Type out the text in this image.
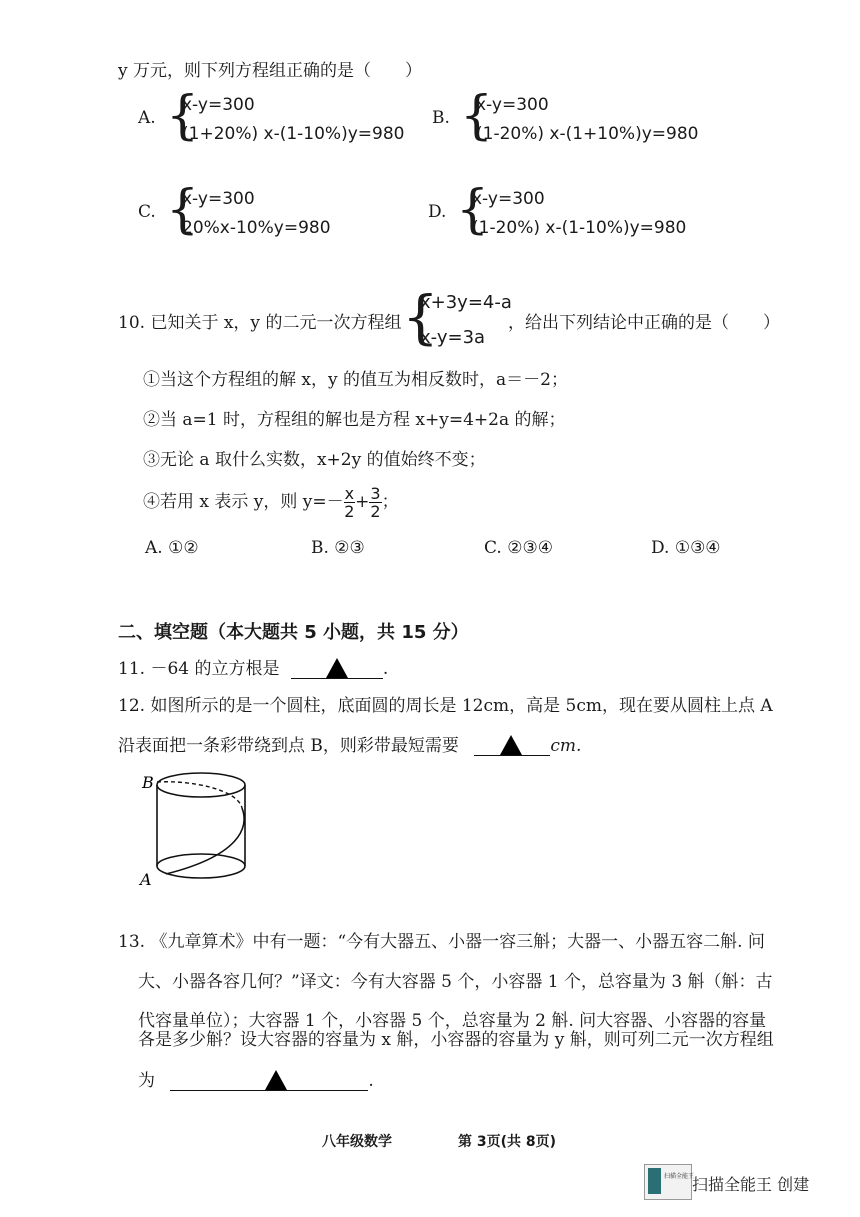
y 万元，则下列方程组正确的是（　　）
A. {
x-y=300
(1+20%) x-(1-10%)y=980
B. {
x-y=300
(1-20%) x-(1+10%)y=980
C. {
x-y=300
20%x-10%y=980
D. {
x-y=300
(1-20%) x-(1-10%)y=980
10. 已知关于 x，y 的二元一次方程组 {
x+3y=4-a
x-y=3a
，给出下列结论中正确的是（　　）
①当这个方程组的解 x，y 的值互为相反数时，a＝－2；
②当 a=1 时，方程组的解也是方程 x+y=4+2a 的解；
③无论 a 取什么实数，x+2y 的值始终不变；
④若用 x 表示 y，则 $y=- \frac{x}{2} + \frac{3}{2}$ ；
A. ①②	B. ②③	C. ②③④	D. ①③④
二、填空题（本大题共 5 小题，共 15 分）
11. －64 的立方根是	.
12. 如图所示的是一个圆柱，底面圆的周长是 12cm，高是 5cm，现在要从圆柱上点 A
沿表面把一条彩带绕到点 B，则彩带最短需要	cm.
B
A
13. 《九章算术》中有一题：“今有大器五、小器一容三斛；大器一、小器五容二斛. 问
大、小器各容几何？”译文：今有大容器 5 个，小容器 1 个，总容量为 3 斛（斛：古
代容量单位）；大容器 1 个，小容器 5 个，总容量为 2 斛. 问大容器、小容器的容量
各是多少斛？设大容器的容量为 x 斛，小容器的容量为 y 斛，则可列二元一次方程组
为	.
八年级数学	第 3页(共 8页)
扫描全能王
扫描全能王 创建
